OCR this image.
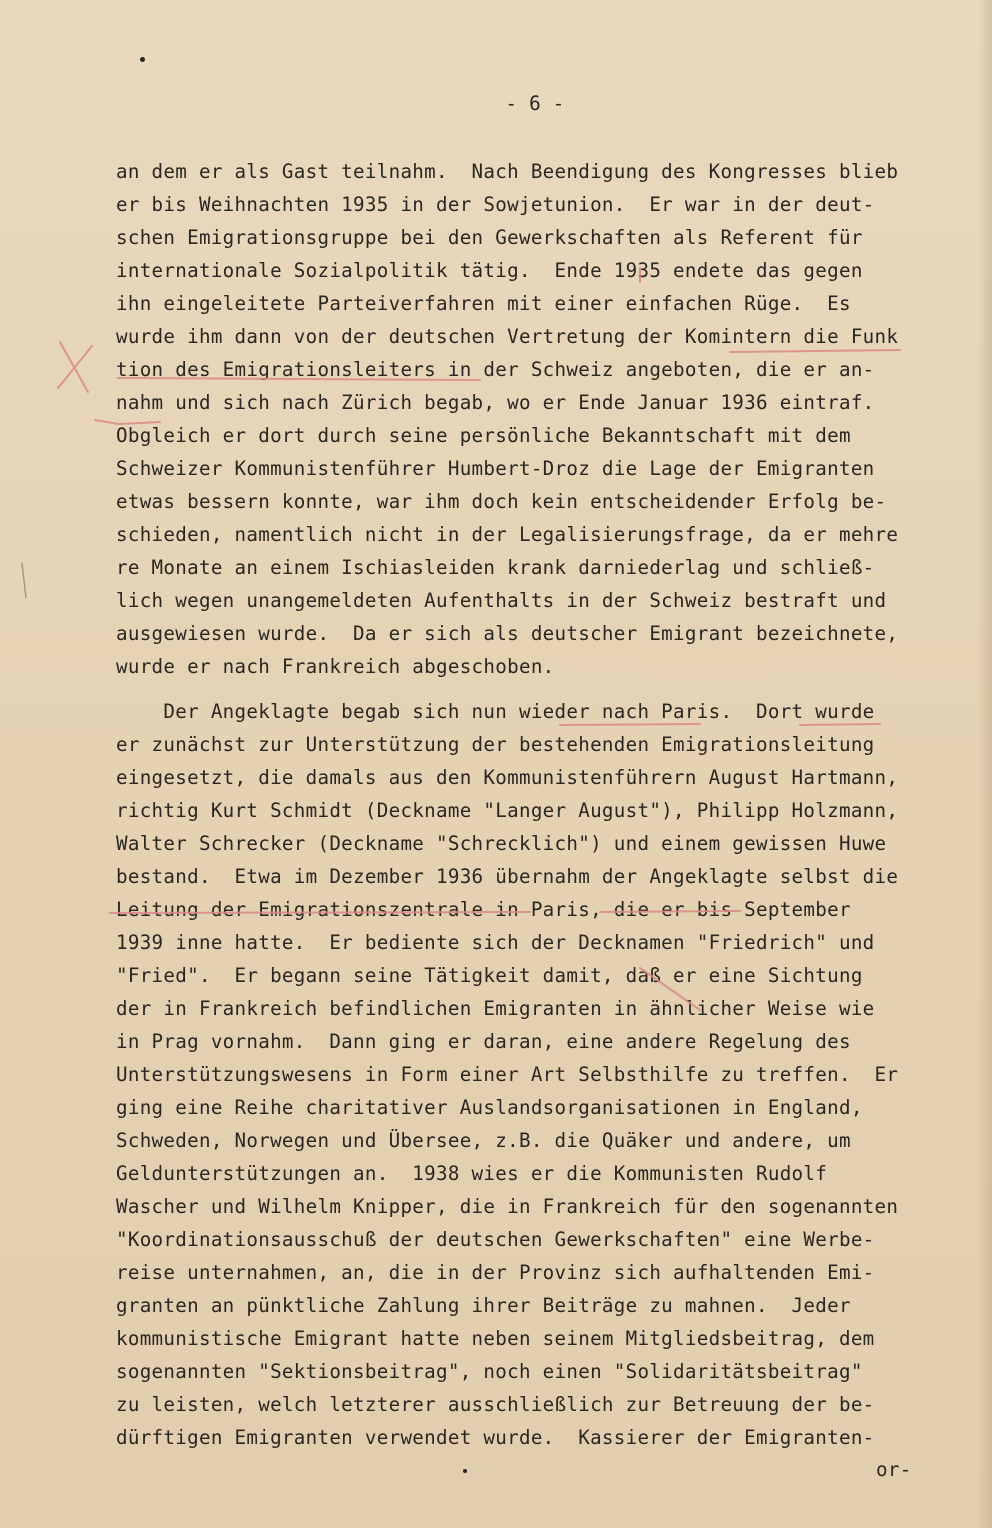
- 6 -
an dem er als Gast teilnahm.  Nach Beendigung des Kongresses blieb
er bis Weihnachten 1935 in der Sowjetunion.  Er war in der deut-
schen Emigrationsgruppe bei den Gewerkschaften als Referent für
internationale Sozialpolitik tätig.  Ende 1935 endete das gegen
ihn eingeleitete Parteiverfahren mit einer einfachen Rüge.  Es
wurde ihm dann von der deutschen Vertretung der Komintern die Funk
tion des Emigrationsleiters in der Schweiz angeboten, die er an-
nahm und sich nach Zürich begab, wo er Ende Januar 1936 eintraf.
Obgleich er dort durch seine persönliche Bekanntschaft mit dem
Schweizer Kommunistenführer Humbert-Droz die Lage der Emigranten
etwas bessern konnte, war ihm doch kein entscheidender Erfolg be-
schieden, namentlich nicht in der Legalisierungsfrage, da er mehre
re Monate an einem Ischiasleiden krank darniederlag und schließ-
lich wegen unangemeldeten Aufenthalts in der Schweiz bestraft und
ausgewiesen wurde.  Da er sich als deutscher Emigrant bezeichnete,
wurde er nach Frankreich abgeschoben.
Der Angeklagte begab sich nun wieder nach Paris.  Dort wurde
er zunächst zur Unterstützung der bestehenden Emigrationsleitung
eingesetzt, die damals aus den Kommunistenführern August Hartmann,
richtig Kurt Schmidt (Deckname "Langer August"), Philipp Holzmann,
Walter Schrecker (Deckname "Schrecklich") und einem gewissen Huwe
bestand.  Etwa im Dezember 1936 übernahm der Angeklagte selbst die
Leitung der Emigrationszentrale in Paris, die er bis September
1939 inne hatte.  Er bediente sich der Decknamen "Friedrich" und
"Fried".  Er begann seine Tätigkeit damit, daß er eine Sichtung
der in Frankreich befindlichen Emigranten in ähnlicher Weise wie
in Prag vornahm.  Dann ging er daran, eine andere Regelung des
Unterstützungswesens in Form einer Art Selbsthilfe zu treffen.  Er
ging eine Reihe charitativer Auslandsorganisationen in England,
Schweden, Norwegen und Übersee, z.B. die Quäker und andere, um
Geldunterstützungen an.  1938 wies er die Kommunisten Rudolf
Wascher und Wilhelm Knipper, die in Frankreich für den sogenannten
"Koordinationsausschuß der deutschen Gewerkschaften" eine Werbe-
reise unternahmen, an, die in der Provinz sich aufhaltenden Emi-
granten an pünktliche Zahlung ihrer Beiträge zu mahnen.  Jeder
kommunistische Emigrant hatte neben seinem Mitgliedsbeitrag, dem
sogenannten "Sektionsbeitrag", noch einen "Solidaritätsbeitrag"
zu leisten, welch letzterer ausschließlich zur Betreuung der be-
dürftigen Emigranten verwendet wurde.  Kassierer der Emigranten-
or-
